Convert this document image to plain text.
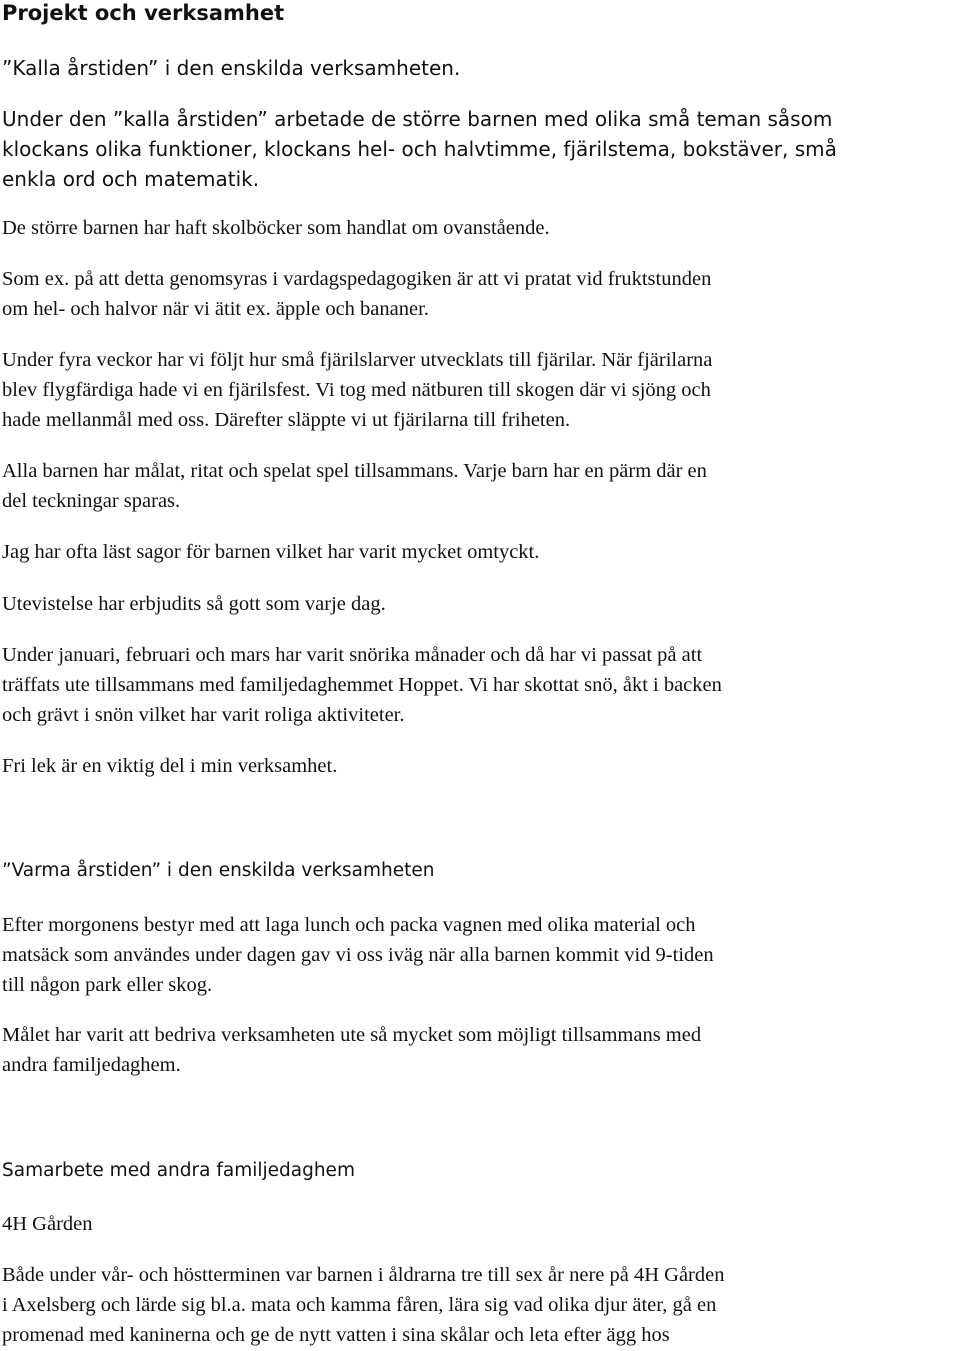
Projekt och verksamhet

”Kalla årstiden” i den enskilda verksamheten.

Under den ”kalla årstiden” arbetade de större barnen med olika små teman såsom
klockans olika funktioner, klockans hel- och halvtimme, fjärilstema, bokstäver, små
enkla ord och matematik.

De större barnen har haft skolböcker som handlat om ovanstående.

Som ex. på att detta genomsyras i vardagspedagogiken är att vi pratat vid fruktstunden
om hel- och halvor när vi ätit ex. äpple och bananer.

Under fyra veckor har vi följt hur små fjärilslarver utvecklats till fjärilar. När fjärilarna
blev flygfärdiga hade vi en fjärilsfest. Vi tog med nätburen till skogen där vi sjöng och
hade mellanmål med oss. Därefter släppte vi ut fjärilarna till friheten.

Alla barnen har målat, ritat och spelat spel tillsammans. Varje barn har en pärm där en
del teckningar sparas.

Jag har ofta läst sagor för barnen vilket har varit mycket omtyckt.

Utevistelse har erbjudits så gott som varje dag.

Under januari, februari och mars har varit snörika månader och då har vi passat på att
träffats ute tillsammans med familjedaghemmet Hoppet. Vi har skottat snö, åkt i backen
och grävt i snön vilket har varit roliga aktiviteter.

Fri lek är en viktig del i min verksamhet.

”Varma årstiden” i den enskilda verksamheten

Efter morgonens bestyr med att laga lunch och packa vagnen med olika material och
matsäck som användes under dagen gav vi oss iväg när alla barnen kommit vid 9-tiden
till någon park eller skog.

Målet har varit att bedriva verksamheten ute så mycket som möjligt tillsammans med
andra familjedaghem.

Samarbete med andra familjedaghem

4H Gården

Både under vår- och höstterminen var barnen i åldrarna tre till sex år nere på 4H Gården
i Axelsberg och lärde sig bl.a. mata och kamma fåren, lära sig vad olika djur äter, gå en
promenad med kaninerna och ge de nytt vatten i sina skålar och leta efter ägg hos
